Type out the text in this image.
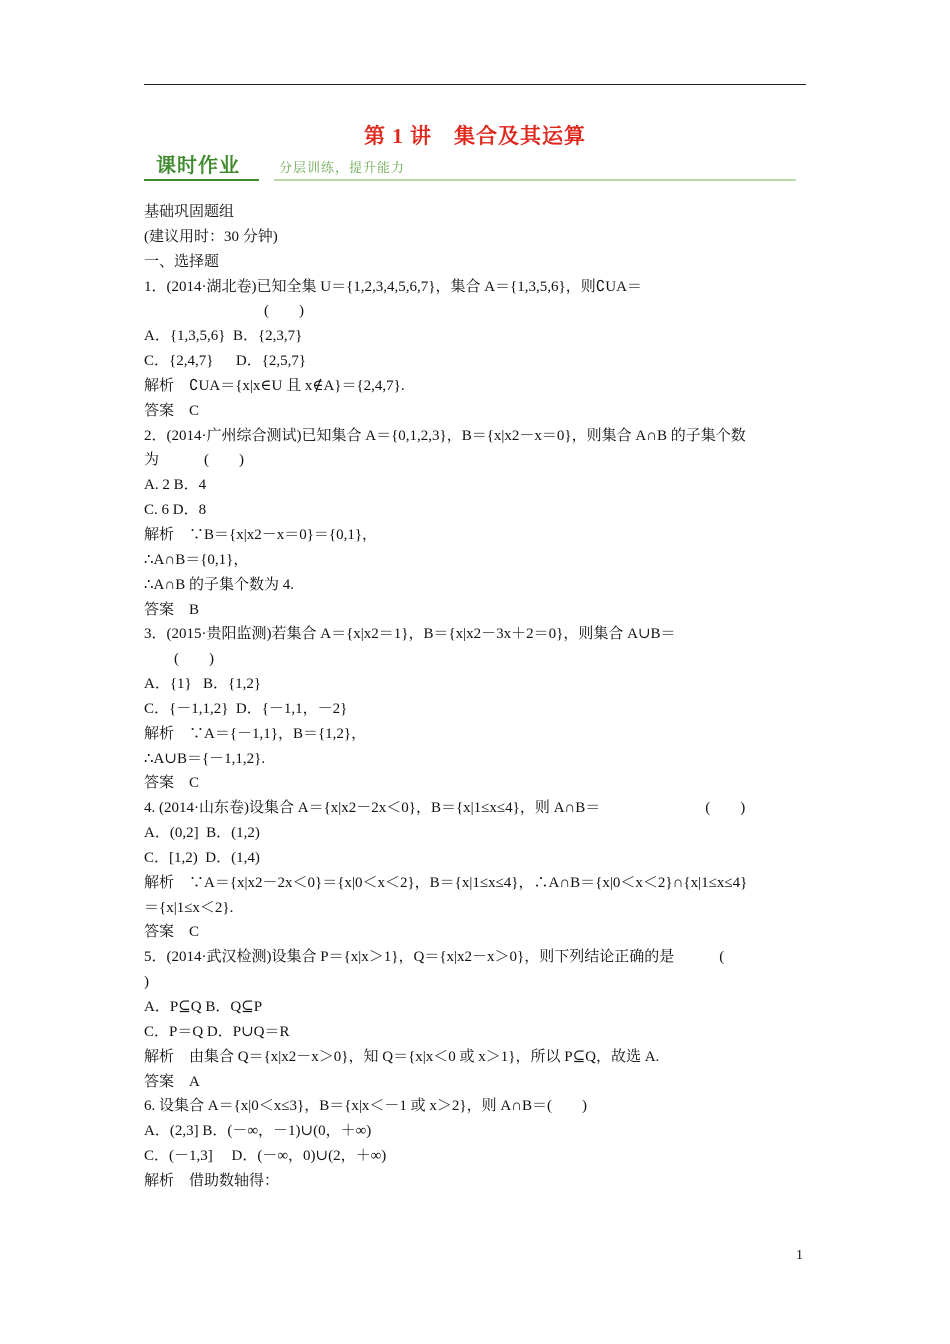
第 1 讲　集合及其运算
课时作业	分层训练，提升能力
基础巩固题组
(建议用时：30 分钟)
一、选择题
1．(2014·湖北卷)已知全集 U＝{1,2,3,4,5,6,7}，集合 A＝{1,3,5,6}，则∁UA＝
　　　　　　　　(　　)
A．{1,3,5,6}  B．{2,3,7}
C．{2,4,7}　  D．{2,5,7}
解析　∁UA＝{x|x∈U 且 x∉A}＝{2,4,7}.
答案　C
2．(2014·广州综合测试)已知集合 A＝{0,1,2,3}，B＝{x|x2－x＝0}，则集合 A∩B 的子集个数
为　　　(　　)
A. 2 B．4
C. 6 D．8
解析　∵B＝{x|x2－x＝0}＝{0,1}，
∴A∩B＝{0,1}，
∴A∩B 的子集个数为 4.
答案　B
3．(2015·贵阳监测)若集合 A＝{x|x2＝1}，B＝{x|x2－3x＋2＝0}，则集合 A∪B＝
　　(　　)
A．{1}   B．{1,2}
C．{－1,1,2}  D．{－1,1，－2}
解析　∵A＝{－1,1}，B＝{1,2}，
∴A∪B＝{－1,1,2}.
答案　C
4. (2014·山东卷)设集合 A＝{x|x2－2x＜0}，B＝{x|1≤x≤4}，则 A∩B＝　　　　　　　(　　)
A．(0,2]  B．(1,2)
C．[1,2)  D．(1,4)
解析　∵A＝{x|x2－2x＜0}＝{x|0＜x＜2}，B＝{x|1≤x≤4}，∴A∩B＝{x|0＜x＜2}∩{x|1≤x≤4}
＝{x|1≤x＜2}.
答案　C
5．(2014·武汉检测)设集合 P＝{x|x＞1}，Q＝{x|x2－x＞0}，则下列结论正确的是　　　(
)
A．P⊆Q B．Q⊆P
C．P＝Q D．P∪Q＝R
解析　由集合 Q＝{x|x2－x＞0}，知 Q＝{x|x＜0 或 x＞1}，所以 P⊆Q，故选 A.
答案　A
6. 设集合 A＝{x|0＜x≤3}，B＝{x|x＜－1 或 x＞2}，则 A∩B＝(　　)
A．(2,3] B．(－∞，－1)∪(0，＋∞)
C．(－1,3]　 D．(－∞，0)∪(2，＋∞)
解析　借助数轴得：
1
